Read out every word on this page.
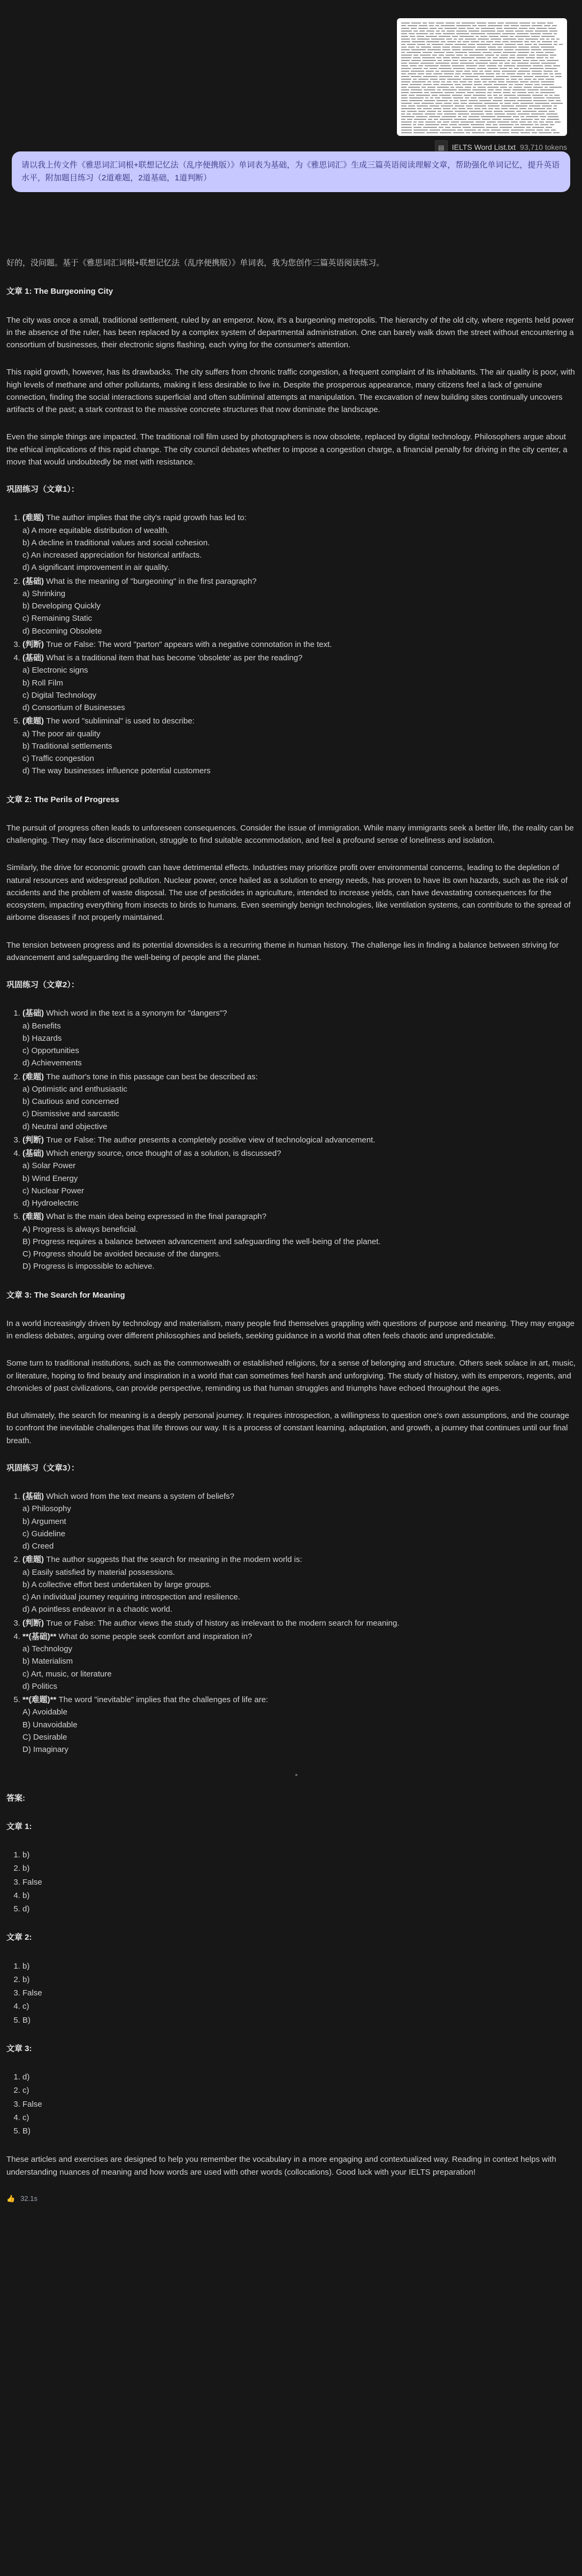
▤	IELTS Word List.txt 93,710 tokens
请以我上传文件《雅思词汇词根+联想记忆法（乱序便携版）》单词表为基础，为《雅思词汇》生成三篇英语阅读理解文章，帮助强化单词记忆，提升英语水平，附加题目练习（2道难题，2道基础，1道判断）

好的，没问题。基于《雅思词汇词根+联想记忆法（乱序便携版）》单词表，我为您创作三篇英语阅读练习。

文章 1: The Burgeoning City

The city was once a small, traditional settlement, ruled by an emperor. Now, it's a burgeoning metropolis. The hierarchy of the old city, where regents held power in the absence of the ruler, has been replaced by a complex system of departmental administration. One can barely walk down the street without encountering a consortium of businesses, their electronic signs flashing, each vying for the consumer's attention.

This rapid growth, however, has its drawbacks. The city suffers from chronic traffic congestion, a frequent complaint of its inhabitants. The air quality is poor, with high levels of methane and other pollutants, making it less desirable to live in. Despite the prosperous appearance, many citizens feel a lack of genuine connection, finding the social interactions superficial and often subliminal attempts at manipulation. The excavation of new building sites continually uncovers artifacts of the past; a stark contrast to the massive concrete structures that now dominate the landscape.

Even the simple things are impacted. The traditional roll film used by photographers is now obsolete, replaced by digital technology. Philosophers argue about the ethical implications of this rapid change. The city council debates whether to impose a congestion charge, a financial penalty for driving in the city center, a move that would undoubtedly be met with resistance.

巩固练习（文章1）：
1. (难题) The author implies that the city's rapid growth has led to:
a) A more equitable distribution of wealth.
b) A decline in traditional values and social cohesion.
c) An increased appreciation for historical artifacts.
d) A significant improvement in air quality.
2. (基础) What is the meaning of "burgeoning" in the first paragraph?
a) Shrinking
b) Developing Quickly
c) Remaining Static
d) Becoming Obsolete
3. (判断) True or False: The word "parton" appears with a negative connotation in the text.
4. (基础) What is a traditional item that has become 'obsolete' as per the reading?
a) Electronic signs
b) Roll Film
c) Digital Technology
d) Consortium of Businesses
5. (难题) The word "subliminal" is used to describe:
a) The poor air quality
b) Traditional settlements
c) Traffic congestion
d) The way businesses influence potential customers
文章 2: The Perils of Progress

The pursuit of progress often leads to unforeseen consequences. Consider the issue of immigration. While many immigrants seek a better life, the reality can be challenging. They may face discrimination, struggle to find suitable accommodation, and feel a profound sense of loneliness and isolation.

Similarly, the drive for economic growth can have detrimental effects. Industries may prioritize profit over environmental concerns, leading to the depletion of natural resources and widespread pollution. Nuclear power, once hailed as a solution to energy needs, has proven to have its own hazards, such as the risk of accidents and the problem of waste disposal. The use of pesticides in agriculture, intended to increase yields, can have devastating consequences for the ecosystem, impacting everything from insects to birds to humans. Even seemingly benign technologies, like ventilation systems, can contribute to the spread of airborne diseases if not properly maintained.

The tension between progress and its potential downsides is a recurring theme in human history. The challenge lies in finding a balance between striving for advancement and safeguarding the well-being of people and the planet.

巩固练习（文章2）：
1. (基础) Which word in the text is a synonym for "dangers"?
a) Benefits
b) Hazards
c) Opportunities
d) Achievements
2. (难题) The author's tone in this passage can best be described as:
a) Optimistic and enthusiastic
b) Cautious and concerned
c) Dismissive and sarcastic
d) Neutral and objective
3. (判断) True or False: The author presents a completely positive view of technological advancement.
4. (基础) Which energy source, once thought of as a solution, is discussed?
a) Solar Power
b) Wind Energy
c) Nuclear Power
d) Hydroelectric
5. (难题) What is the main idea being expressed in the final paragraph?
A) Progress is always beneficial.
B) Progress requires a balance between advancement and safeguarding the well-being of the planet.
C) Progress should be avoided because of the dangers.
D) Progress is impossible to achieve.
文章 3: The Search for Meaning

In a world increasingly driven by technology and materialism, many people find themselves grappling with questions of purpose and meaning. They may engage in endless debates, arguing over different philosophies and beliefs, seeking guidance in a world that often feels chaotic and unpredictable.

Some turn to traditional institutions, such as the commonwealth or established religions, for a sense of belonging and structure. Others seek solace in art, music, or literature, hoping to find beauty and inspiration in a world that can sometimes feel harsh and unforgiving. The study of history, with its emperors, regents, and chronicles of past civilizations, can provide perspective, reminding us that human struggles and triumphs have echoed throughout the ages.

But ultimately, the search for meaning is a deeply personal journey. It requires introspection, a willingness to question one's own assumptions, and the courage to confront the inevitable challenges that life throws our way. It is a process of constant learning, adaptation, and growth, a journey that continues until our final breath.

巩固练习（文章3）：
1. (基础) Which word from the text means a system of beliefs?
a) Philosophy
b) Argument
c) Guideline
d) Creed
2. (难题) The author suggests that the search for meaning in the modern world is:
a) Easily satisfied by material possessions.
b) A collective effort best undertaken by large groups.
c) An individual journey requiring introspection and resilience.
d) A pointless endeavor in a chaotic world.
3. (判断) True or False: The author views the study of history as irrelevant to the modern search for meaning.
4. **(基础)** What do some people seek comfort and inspiration in?
a) Technology
b) Materialism
c) Art, music, or literature
d) Politics
5. **(难题)** The word "inevitable" implies that the challenges of life are:
A) Avoidable
B) Unavoidable
C) Desirable
D) Imaginary
答案:
文章 1:
1. b)
2. b)
3. False
4. b)
5. d)
文章 2:
1. b)
2. b)
3. False
4. c)
5. B)
文章 3:
1. d)
2. c)
3. False
4. c)
5. B)

These articles and exercises are designed to help you remember the vocabulary in a more engaging and contextualized way. Reading in context helps with understanding nuances of meaning and how words are used with other words (collocations). Good luck with your IELTS preparation!

👍 32.1s
